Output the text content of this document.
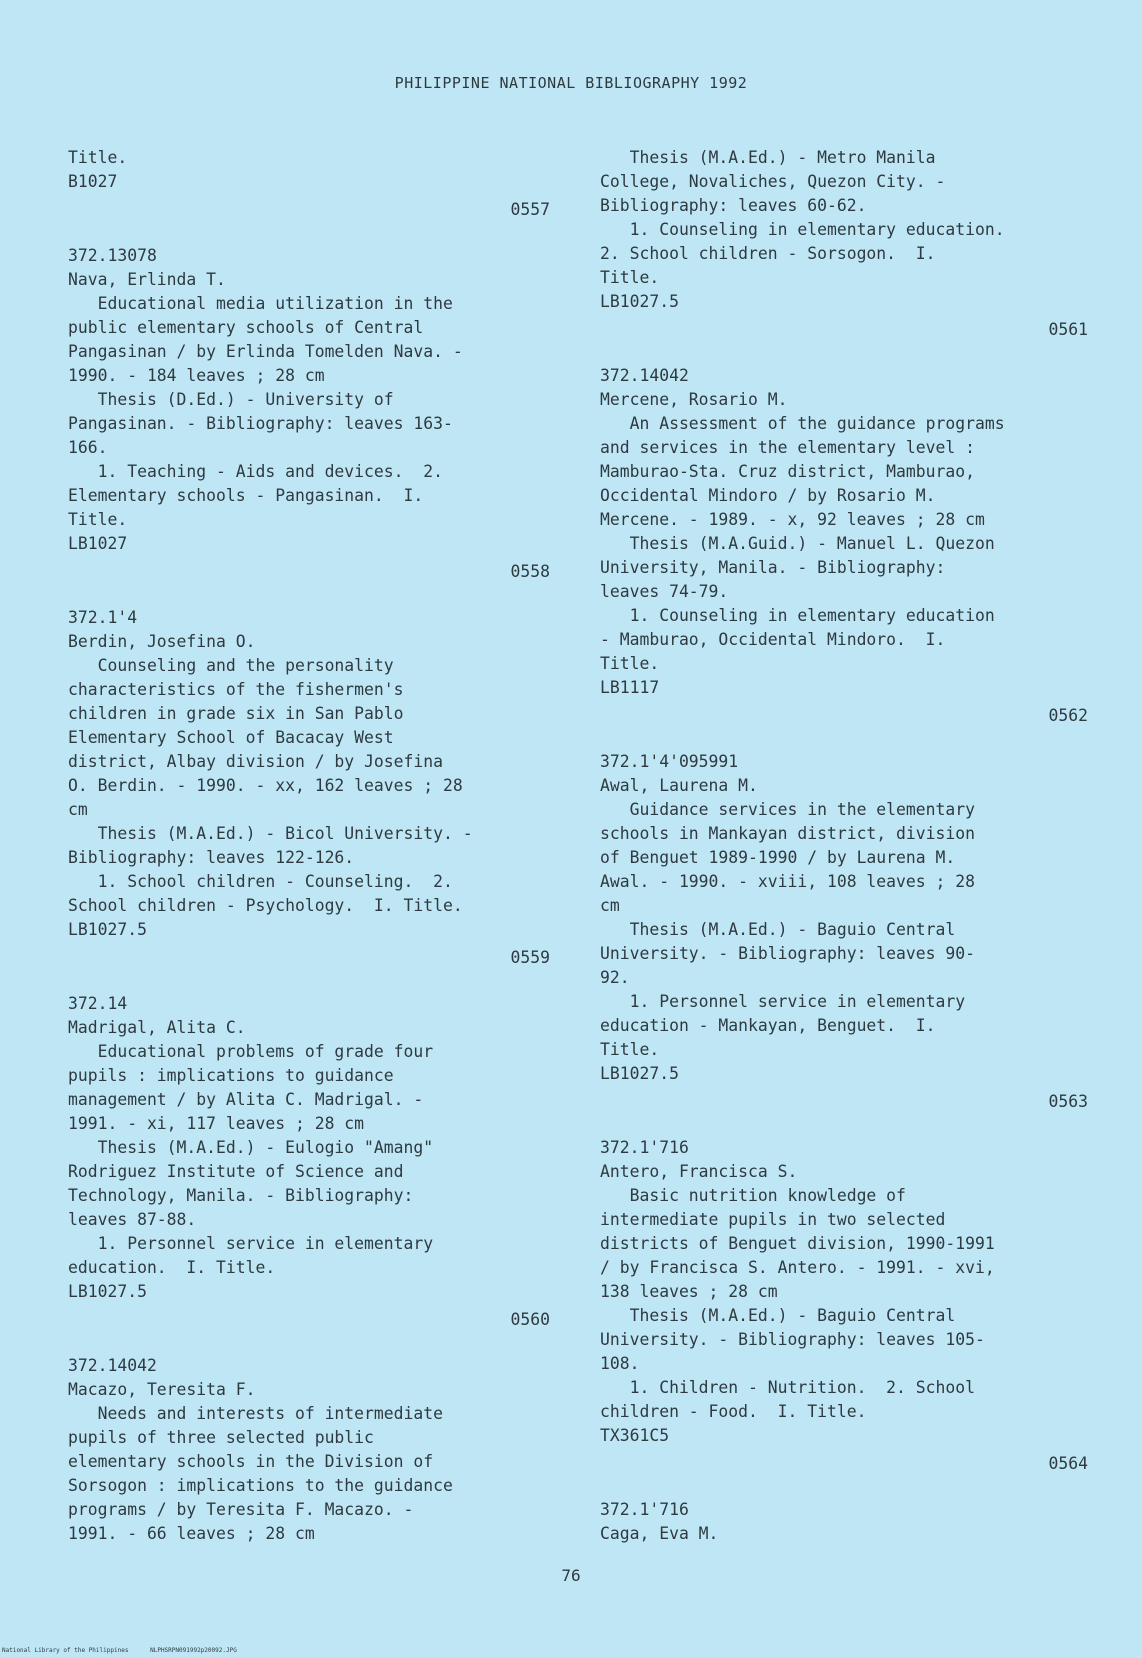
PHILIPPINE NATIONAL BIBLIOGRAPHY 1992
Title.
B1027
0557
372.13078
Nava, Erlinda T.
Educational media utilization in the
public elementary schools of Central
Pangasinan / by Erlinda Tomelden Nava. -
1990. - 184 leaves ; 28 cm
Thesis (D.Ed.) - University of
Pangasinan. - Bibliography: leaves 163-
166.
1. Teaching - Aids and devices.  2.
Elementary schools - Pangasinan.  I.
Title.
LB1027
0558
372.1'4
Berdin, Josefina O.
Counseling and the personality
characteristics of the fishermen's
children in grade six in San Pablo
Elementary School of Bacacay West
district, Albay division / by Josefina
O. Berdin. - 1990. - xx, 162 leaves ; 28
cm
Thesis (M.A.Ed.) - Bicol University. -
Bibliography: leaves 122-126.
1. School children - Counseling.  2.
School children - Psychology.  I. Title.
LB1027.5
0559
372.14
Madrigal, Alita C.
Educational problems of grade four
pupils : implications to guidance
management / by Alita C. Madrigal. -
1991. - xi, 117 leaves ; 28 cm
Thesis (M.A.Ed.) - Eulogio "Amang"
Rodriguez Institute of Science and
Technology, Manila. - Bibliography:
leaves 87-88.
1. Personnel service in elementary
education.  I. Title.
LB1027.5
0560
372.14042
Macazo, Teresita F.
Needs and interests of intermediate
pupils of three selected public
elementary schools in the Division of
Sorsogon : implications to the guidance
programs / by Teresita F. Macazo. -
1991. - 66 leaves ; 28 cm
Thesis (M.A.Ed.) - Metro Manila
College, Novaliches, Quezon City. -
Bibliography: leaves 60-62.
1. Counseling in elementary education.
2. School children - Sorsogon.  I.
Title.
LB1027.5
0561
372.14042
Mercene, Rosario M.
An Assessment of the guidance programs
and services in the elementary level :
Mamburao-Sta. Cruz district, Mamburao,
Occidental Mindoro / by Rosario M.
Mercene. - 1989. - x, 92 leaves ; 28 cm
Thesis (M.A.Guid.) - Manuel L. Quezon
University, Manila. - Bibliography:
leaves 74-79.
1. Counseling in elementary education
- Mamburao, Occidental Mindoro.  I.
Title.
LB1117
0562
372.1'4'095991
Awal, Laurena M.
Guidance services in the elementary
schools in Mankayan district, division
of Benguet 1989-1990 / by Laurena M.
Awal. - 1990. - xviii, 108 leaves ; 28
cm
Thesis (M.A.Ed.) - Baguio Central
University. - Bibliography: leaves 90-
92.
1. Personnel service in elementary
education - Mankayan, Benguet.  I.
Title.
LB1027.5
0563
372.1'716
Antero, Francisca S.
Basic nutrition knowledge of
intermediate pupils in two selected
districts of Benguet division, 1990-1991
/ by Francisca S. Antero. - 1991. - xvi,
138 leaves ; 28 cm
Thesis (M.A.Ed.) - Baguio Central
University. - Bibliography: leaves 105-
108.
1. Children - Nutrition.  2. School
children - Food.  I. Title.
TX361C5
0564
372.1'716
Caga, Eva M.
76
National Library of the Philippines      NLPHSRPN091992p20092.JPG
